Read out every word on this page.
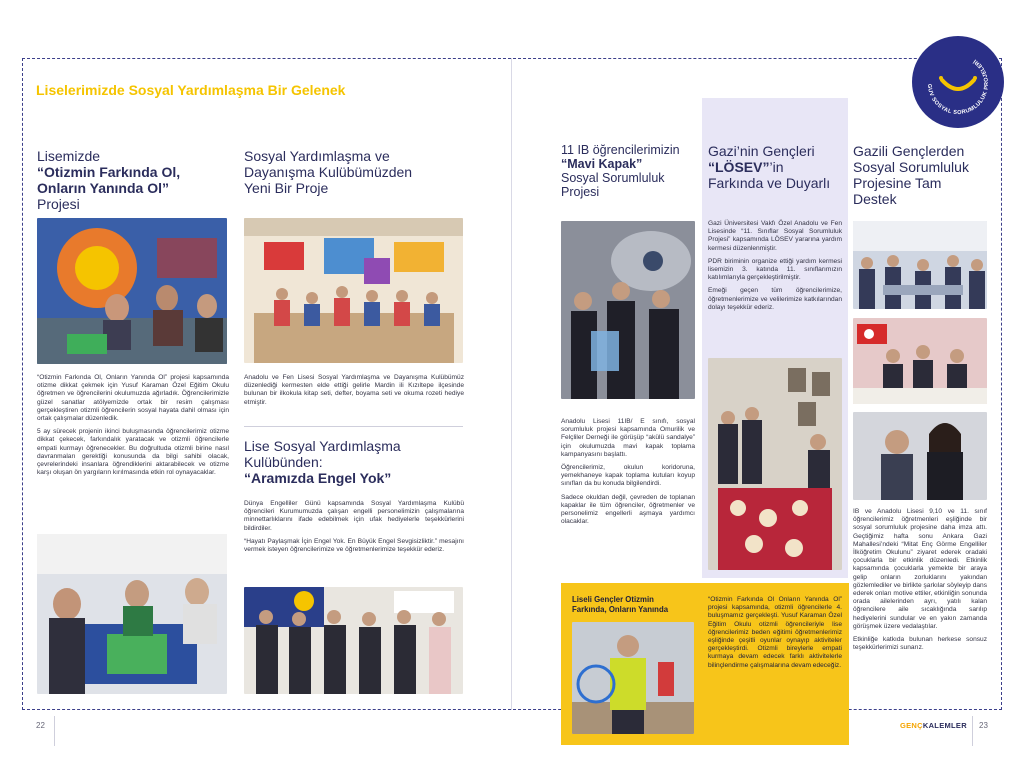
GUV SOSYAL SORUMLULUK PROJELERİ
Liselerimizde Sosyal Yardımlaşma Bir Gelenek
Lisemizde
“Otizmin Farkında Ol,
Onların Yanında Ol”
Projesi

“Otizmin Farkında Ol, Onların Yanında Ol” projesi kapsamında otizme dikkat çekmek için Yusuf Karaman Özel Eğitim Okulu öğretmen ve öğrencilerini okulumuzda ağırladık. Öğrencilerimizle güzel sanatlar atölyemizde ortak bir resim çalışması gerçekleştiren otizmli öğrencilerin sosyal hayata dahil olması için ortak çalışmalar düzenledik.

5 ay sürecek projenin ikinci buluşmasında öğrencilerimiz otizme dikkat çekecek, farkındalık yaratacak ve otizmli öğrencilerle empati kurmayı öğrenecekler. Bu doğrultuda otizmli birine nasıl davranmaları gerektiği konusunda da bilgi sahibi olacak, çevrelerindeki insanlara öğrendiklerini aktarabilecek ve otizme karşı oluşan ön yargıların kırılmasında etkin rol oynayacaklar.

Sosyal Yardımlaşma ve
Dayanışma Kulübümüzden
Yeni Bir Proje

Anadolu ve Fen Lisesi Sosyal Yardımlaşma ve Dayanışma Kulübümüz düzenlediği kermesten elde ettiği gelirle Mardin ili Kızıltepe ilçesinde bulunan bir ilkokula kitap seti, defter, boyama seti ve okuma rozeti hediye etmiştir.

Lise Sosyal Yardımlaşma
Kulübünden:
“Aramızda Engel Yok”

Dünya Engelliler Günü kapsamında Sosyal Yardımlaşma Kulübü öğrencileri Kurumumuzda çalışan engelli personelimizin çalışmalarına minnettarlıklarını ifade edebilmek için ufak hediyelerle teşekkürlerini bildirdiler.

“Hayatı Paylaşmak İçin Engel Yok. En Büyük Engel Sevgisizliktir.” mesajını vermek isteyen öğrencilerimize ve öğretmenlerimize teşekkür ederiz.

11 IB öğrencilerimizin
“Mavi Kapak”
Sosyal Sorumluluk
Projesi

Anadolu Lisesi 11IB/ E sınıfı, sosyal sorumluluk projesi kapsamında Omurilik ve Felçliler Derneği ile görüşüp “akülü sandalye” için okulumuzda mavi kapak toplama kampanyasını başlattı.

Öğrencilerimiz, okulun koridoruna, yemekhaneye kapak toplama kutuları koyup sınıfları da bu konuda bilgilendirdi.

Sadece okuldan değil, çevreden de toplanan kapaklar ile tüm öğrenciler, öğretmenler ve personelimiz engellerli aşmaya yardımcı olacaklar.

Gazi’nin Gençleri
“LÖSEV”’in
Farkında ve Duyarlı

Gazi Üniversitesi Vakfı Özel Anadolu ve Fen Lisesinde “11. Sınıflar Sosyal Sorumluluk Projesi” kapsamında LÖSEV yararına yardım kermesi düzenlenmiştir.

PDR biriminin organize ettiği yardım kermesi lisemizin 3. katında 11. sınıflarımızın katılımlarıyla gerçekleştirilmiştir.

Emeği geçen tüm öğrencilerimize, öğretmenlerimize ve velilerimize katkılarından dolayı teşekkür ederiz.

Gazili Gençlerden
Sosyal Sorumluluk
Projesine Tam
Destek

IB ve Anadolu Lisesi 9,10 ve 11. sınıf öğrencilerimiz öğretmenleri eşliğinde bir sosyal sorumluluk projesine daha imza attı. Geçtiğimiz hafta sonu Ankara Gazi Mahallesi’ndeki “Mitat Enç Görme Engelliler İlköğretim Okulunu” ziyaret ederek oradaki çocuklarla bir etkinlik düzenledi. Etkinlik kapsamında çocuklarla yemekte bir araya gelip onların zorluklarını yakından gözlemlediler ve birlikte şarkılar söyleyip dans ederek onları motive ettiler, etkinliğin sonunda orada ailelerinden ayrı, yatılı kalan öğrencilere aile sıcaklığında sarılıp hediyelerini sundular ve en yakın zamanda görüşmek üzere vedalaştılar.

Etkinliğe katkıda bulunan herkese sonsuz teşekkürlerimizi sunarız.

Liseli Gençler Otizmin
Farkında, Onların Yanında

“Otizmin Farkında Ol Onların Yanında Ol” projesi kapsamında, otizmli öğrencilerle 4. buluşmamız gerçekleşti. Yusuf Karaman Özel Eğitim Okulu otizmli öğrencileriyle lise öğrencilerimiz beden eğitimi öğretmenlerimiz eşliğinde çeşitli oyunlar oynayıp aktiviteler gerçekleştirdi. Otizmli bireylerle empati kurmaya devam edecek farklı aktivitelerle bilinçlendirme çalışmalarına devam edeceğiz.

22	GENÇKALEMLER 23
